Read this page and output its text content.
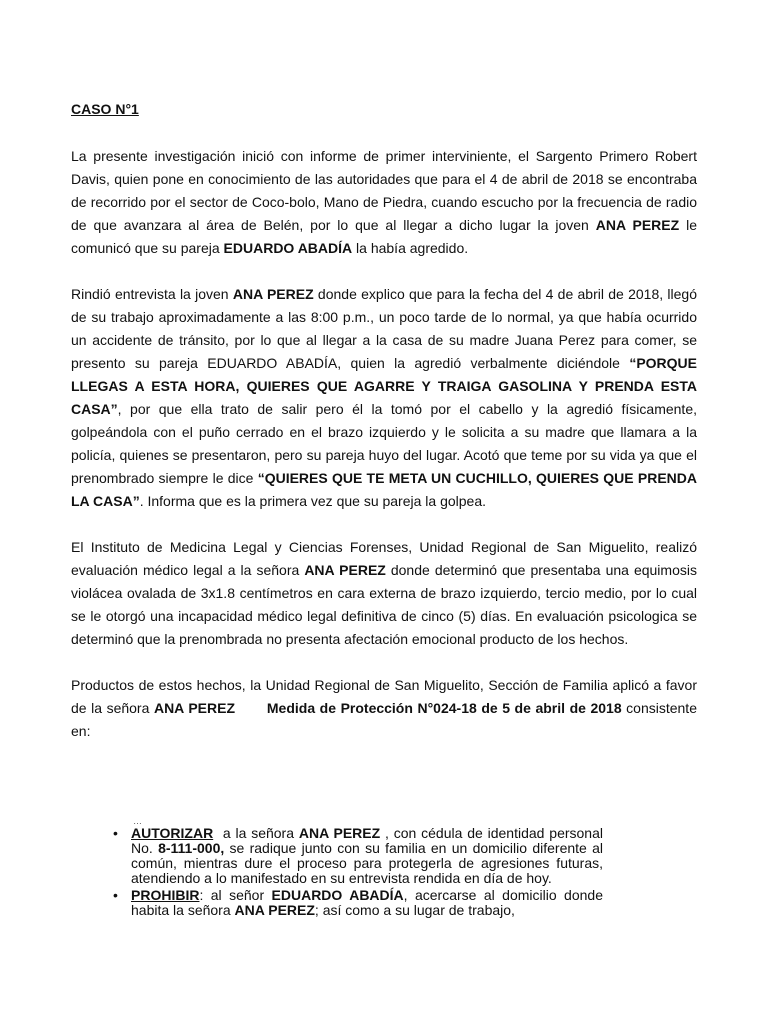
CASO N°1

La presente investigación inició con informe de primer interviniente, el Sargento Primero Robert Davis, quien pone en conocimiento de las autoridades que para el 4 de abril de 2018 se encontraba de recorrido por el sector de Coco-bolo, Mano de Piedra, cuando escucho por la frecuencia de radio de que avanzara al área de Belén, por lo que al llegar a dicho lugar la joven ANA PEREZ le comunicó que su pareja EDUARDO ABADÍA la había agredido.

Rindió entrevista la joven ANA PEREZ donde explico que para la fecha del 4 de abril de 2018, llegó de su trabajo aproximadamente a las 8:00 p.m., un poco tarde de lo normal, ya que había ocurrido un accidente de tránsito, por lo que al llegar a la casa de su madre Juana Perez para comer, se presento su pareja EDUARDO ABADÍA, quien la agredió verbalmente diciéndole “PORQUE LLEGAS A ESTA HORA, QUIERES QUE AGARRE Y TRAIGA GASOLINA Y PRENDA ESTA CASA”, por que ella trato de salir pero él la tomó por el cabello y la agredió físicamente, golpeándola con el puño cerrado en el brazo izquierdo y le solicita a su madre que llamara a la policía, quienes se presentaron, pero su pareja huyo del lugar. Acotó que teme por su vida ya que el prenombrado siempre le dice “QUIERES QUE TE META UN CUCHILLO, QUIERES QUE PRENDA LA CASA”. Informa que es la primera vez que su pareja la golpea.

El Instituto de Medicina Legal y Ciencias Forenses, Unidad Regional de San Miguelito, realizó evaluación médico legal a la señora ANA PEREZ donde determinó que presentaba una equimosis violácea ovalada de 3x1.8 centímetros en cara externa de brazo izquierdo, tercio medio, por lo cual se le otorgó una incapacidad médico legal definitiva de cinco (5) días. En evaluación psicologica se determinó que la prenombrada no presenta afectación emocional producto de los hechos.

Productos de estos hechos, la Unidad Regional de San Miguelito, Sección de Familia aplicó a favor de la señora ANA PEREZ Medida de Protección N°024-18 de 5 de abril de 2018 consistente en:

…
• AUTORIZAR  a la señora ANA PEREZ , con cédula de identidad personal No. 8-111-000, se radique junto con su familia en un domicilio diferente al común, mientras dure el proceso para protegerla de agresiones futuras, atendiendo a lo manifestado en su entrevista rendida en día de hoy.
• PROHIBIR: al señor EDUARDO ABADÍA, acercarse al domicilio donde habita la señora ANA PEREZ; así como a su lugar de trabajo,
